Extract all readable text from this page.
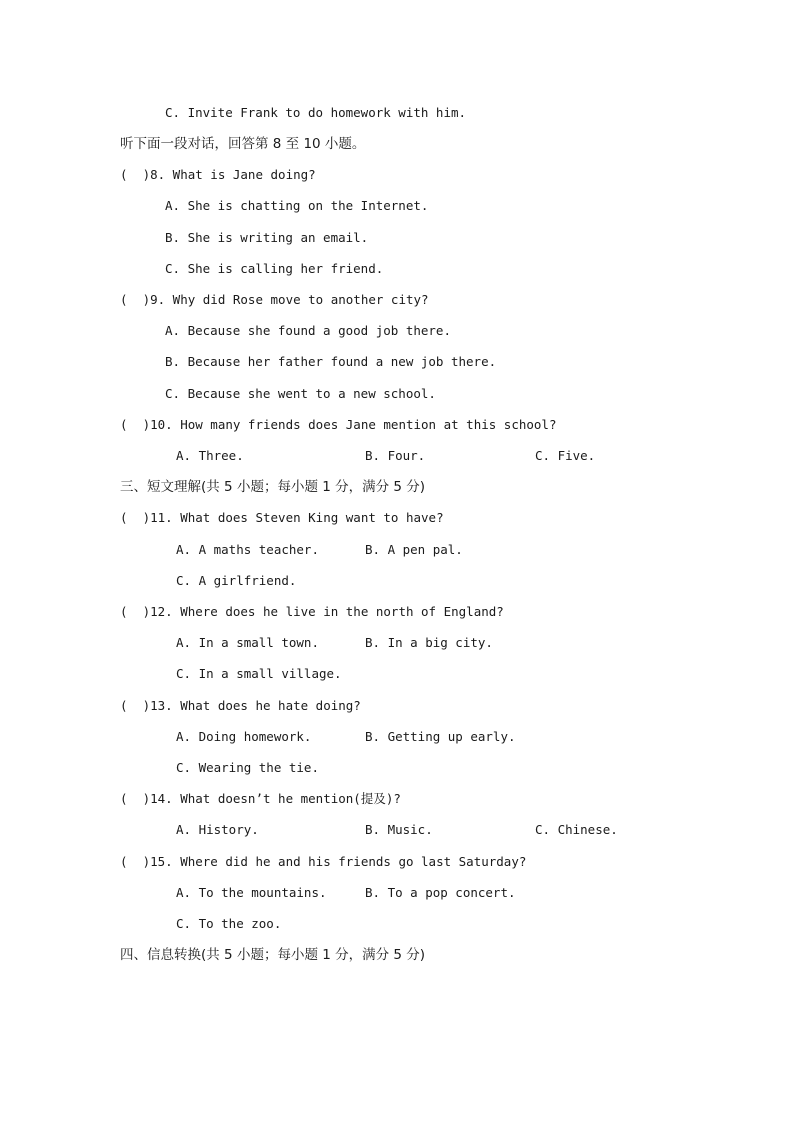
C. Invite Frank to do homework with him.
听下面一段对话，回答第 8 至 10 小题。
(  )8. What is Jane doing?
A. She is chatting on the Internet.
B. She is writing an email.
C. She is calling her friend.
(  )9. Why did Rose move to another city?
A. Because she found a good job there.
B. Because her father found a new job there.
C. Because she went to a new school.
(  )10. How many friends does Jane mention at this school?
A. Three.	B. Four.	C. Five.
三、短文理解(共 5 小题；每小题 1 分，满分 5 分)
(  )11. What does Steven King want to have?
A. A maths teacher.	B. A pen pal.
C. A girlfriend.
(  )12. Where does he live in the north of England?
A. In a small town.	B. In a big city.
C. In a small village.
(  )13. What does he hate doing?
A. Doing homework.	B. Getting up early.
C. Wearing the tie.
(  )14. What doesn’t he mention(提及)?
A. History.	B. Music.	C. Chinese.
(  )15. Where did he and his friends go last Saturday?
A. To the mountains.	B. To a pop concert.
C. To the zoo.
四、信息转换(共 5 小题；每小题 1 分，满分 5 分)
